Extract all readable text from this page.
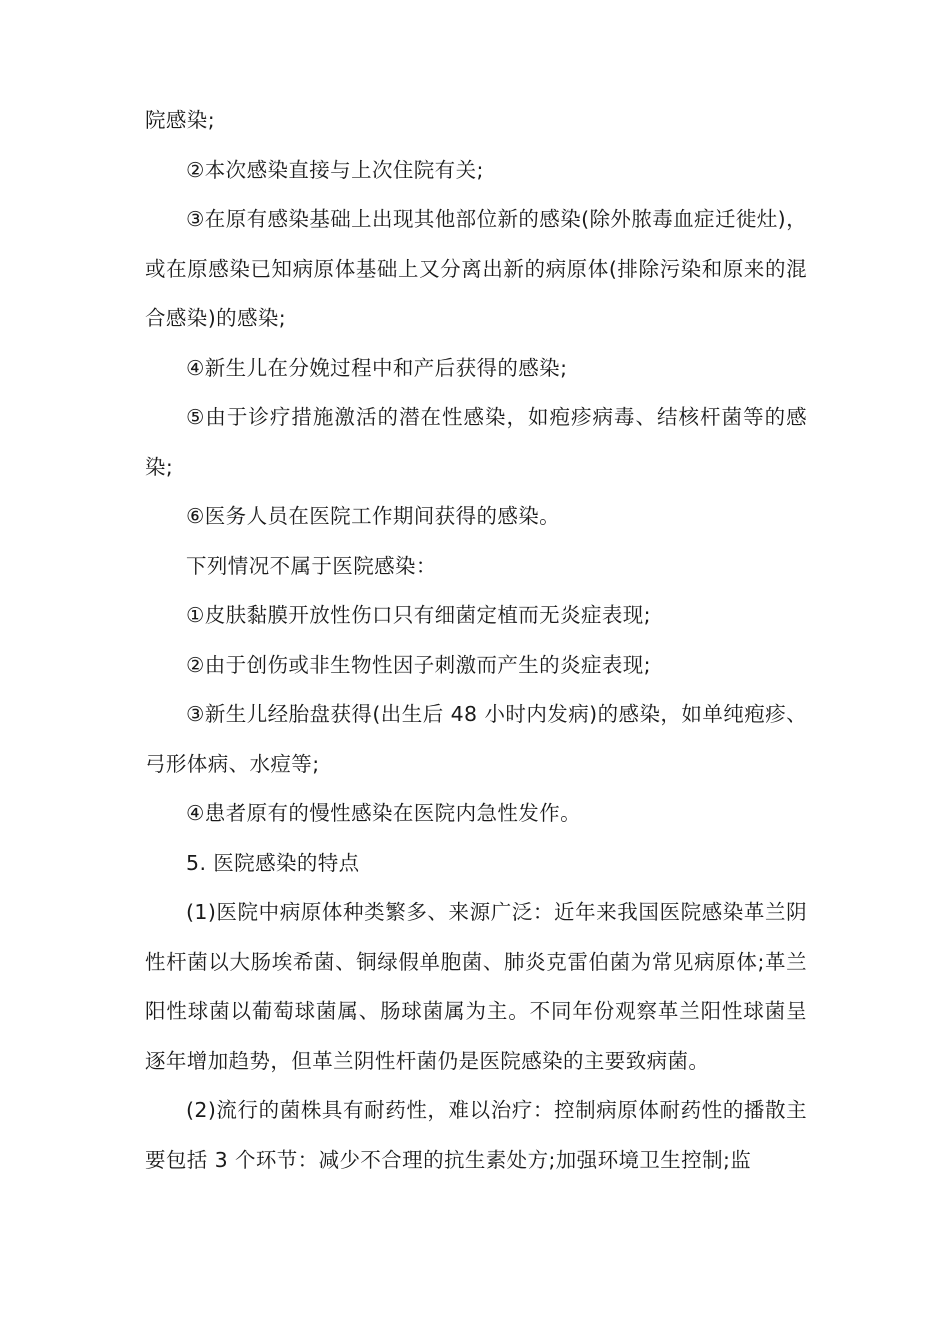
院感染;

②本次感染直接与上次住院有关;

③在原有感染基础上出现其他部位新的感染(除外脓毒血症迁徙灶)，或在原感染已知病原体基础上又分离出新的病原体(排除污染和原来的混合感染)的感染;

④新生儿在分娩过程中和产后获得的感染;

⑤由于诊疗措施激活的潜在性感染，如疱疹病毒、结核杆菌等的感染;

⑥医务人员在医院工作期间获得的感染。

下列情况不属于医院感染：

①皮肤黏膜开放性伤口只有细菌定植而无炎症表现;

②由于创伤或非生物性因子刺激而产生的炎症表现;

③新生儿经胎盘获得(出生后 48 小时内发病)的感染，如单纯疱疹、弓形体病、水痘等;

④患者原有的慢性感染在医院内急性发作。

5. 医院感染的特点

(1)医院中病原体种类繁多、来源广泛：近年来我国医院感染革兰阴性杆菌以大肠埃希菌、铜绿假单胞菌、肺炎克雷伯菌为常见病原体;革兰阳性球菌以葡萄球菌属、肠球菌属为主。不同年份观察革兰阳性球菌呈逐年增加趋势，但革兰阴性杆菌仍是医院感染的主要致病菌。

(2)流行的菌株具有耐药性，难以治疗：控制病原体耐药性的播散主要包括 3 个环节：减少不合理的抗生素处方;加强环境卫生控制;监
